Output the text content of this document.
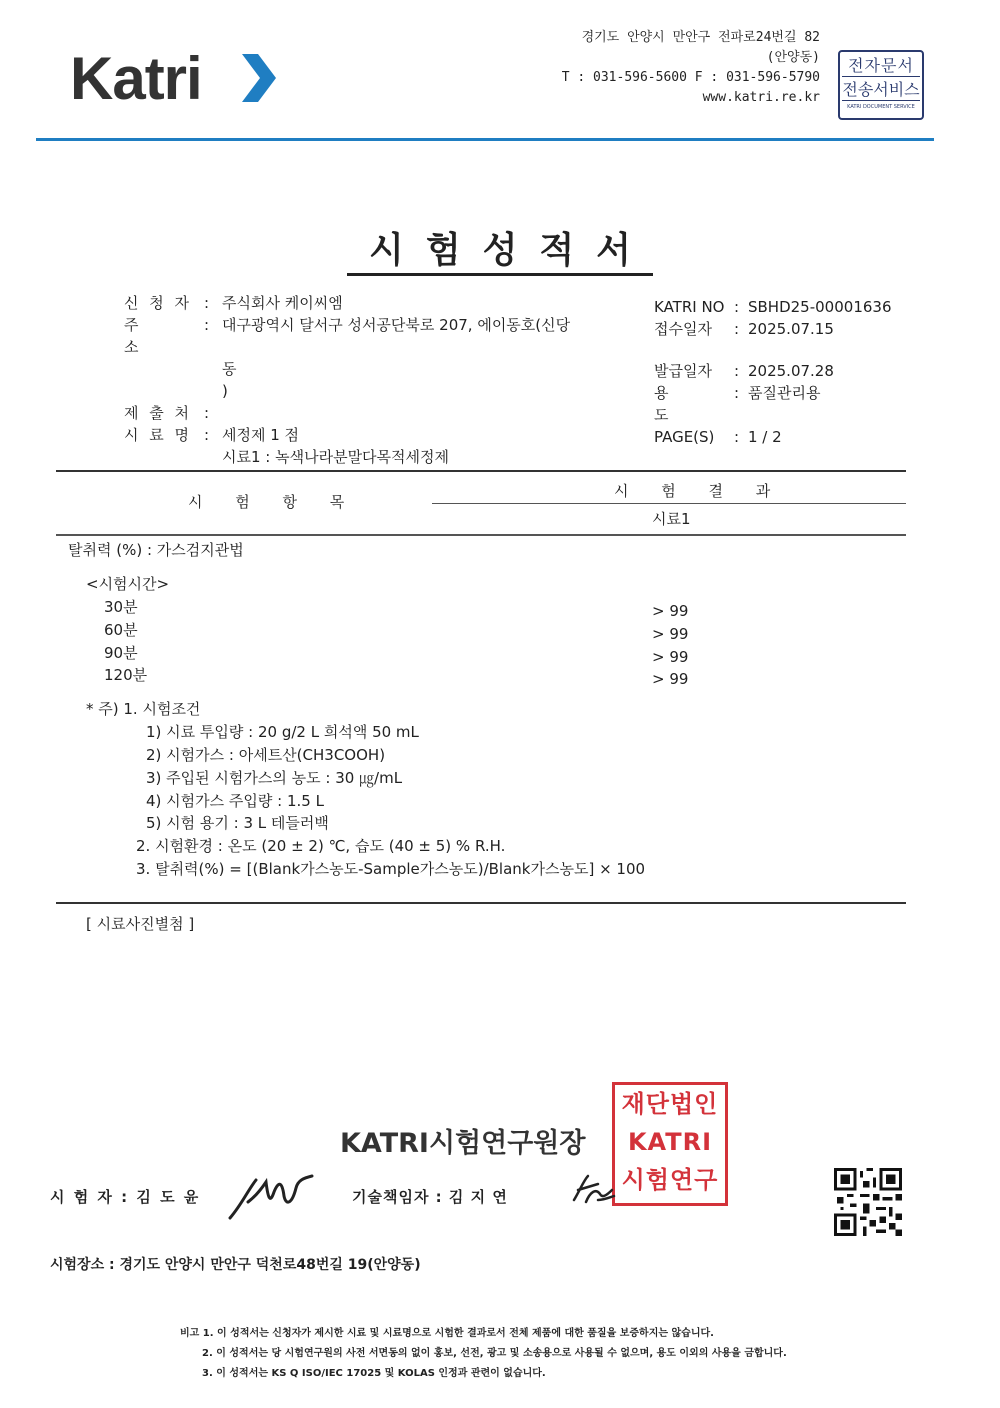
Katri
경기도 안양시 만안구 전파로24번길 82
(안양동)
T : 031-596-5600 F : 031-596-5790
www.katri.re.kr
전자문서
전송서비스
KATRI DOCUMENT SERVICE
시험성적서
신 청 자 : 주식회사 케이씨엠
주 소
: 대구광역시 달서구 성서공단북로 207, 에이동호(신당
동
)
제 출 처 :
시 료 명 : 세정제 1 점
시료1 : 녹색나라분말다목적세정제
KATRI NO : SBHD25-00001636
접수일자	: 2025.07.15
발급일자	: 2025.07.28
용 도
: 품질관리용
PAGE(S)	: 1 / 2
시 험 항 목
시 험 결 과
시료1
탈취력 (%) : 가스검지관법
<시험시간>
30분	> 99
60분	> 99
90분	> 99
120분	> 99
* 주) 1. 시험조건
1) 시료 투입량 : 20 g/2 L 희석액 50 mL
2) 시험가스 : 아세트산(CH3COOH)
3) 주입된 시험가스의 농도 : 30 ㎍/mL
4) 시험가스 주입량 : 1.5 L
5) 시험 용기 : 3 L 테들러백
2. 시험환경 : 온도 (20 ± 2) ℃, 습도 (40 ± 5) % R.H.
3. 탈취력(%) = [(Blank가스농도-Sample가스농도)/Blank가스농도] × 100
[ 시료사진별첨 ]
KATRI시험연구원장
재단법인
KATRI
시험연구
시 험 자 : 김 도 윤	기술책임자 : 김 지 연
시험장소 : 경기도 안양시 만안구 덕천로48번길 19(안양동)
비고 1. 이 성적서는 신청자가 제시한 시료 및 시료명으로 시험한 결과로서 전체 제품에 대한 품질을 보증하지는 않습니다.
2. 이 성적서는 당 시험연구원의 사전 서면동의 없이 홍보, 선전, 광고 및 소송용으로 사용될 수 없으며, 용도 이외의 사용을 금합니다.
3. 이 성적서는 KS Q ISO/IEC 17025 및 KOLAS 인정과 관련이 없습니다.
